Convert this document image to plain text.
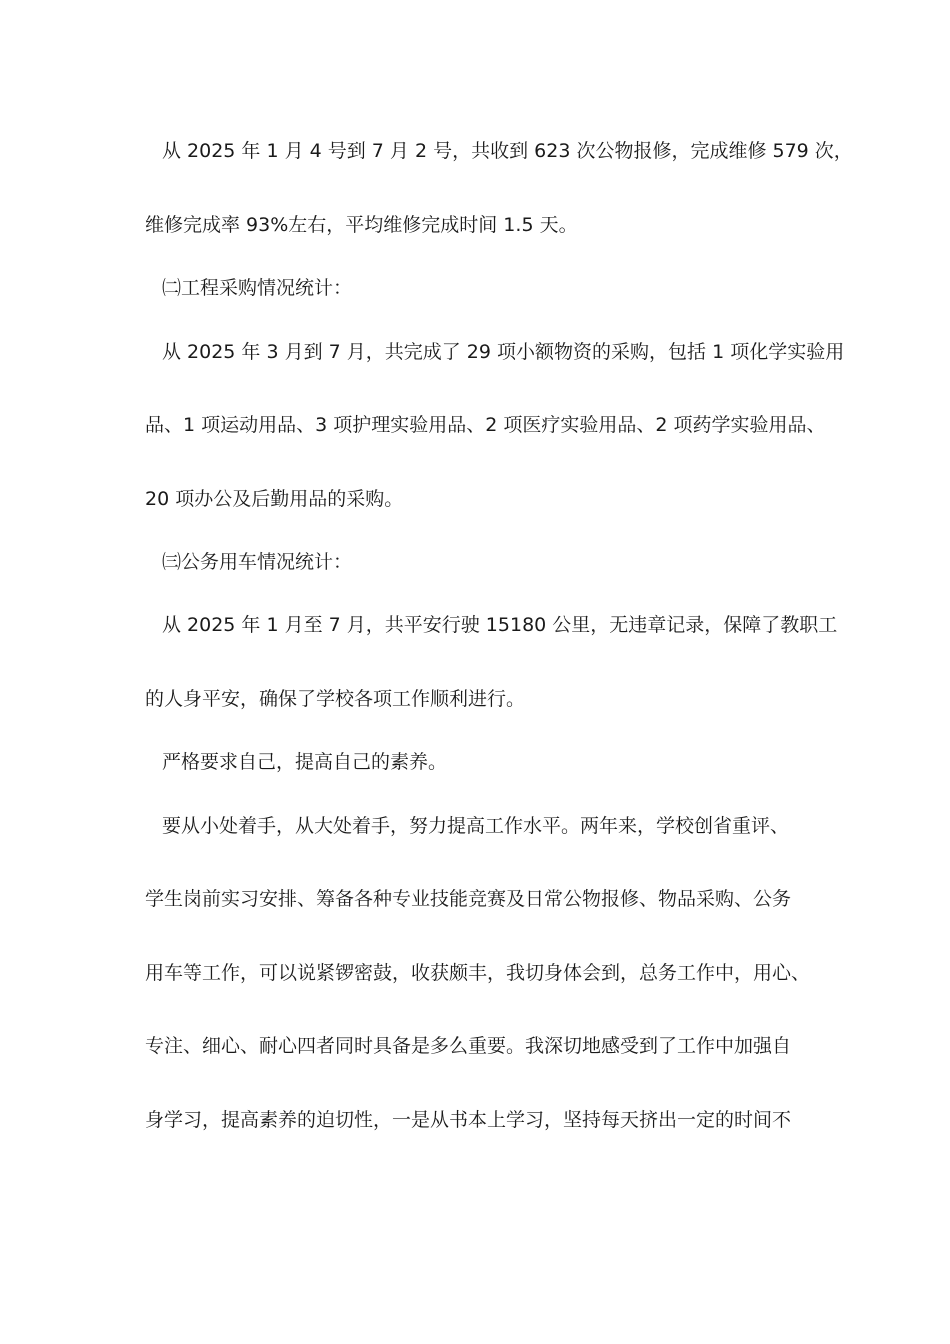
从 2025 年 1 月 4 号到 7 月 2 号，共收到 623 次公物报修，完成维修 579 次，
维修完成率 93%左右，平均维修完成时间 1.5 天。
㈡工程采购情况统计：
从 2025 年 3 月到 7 月，共完成了 29 项小额物资的采购，包括 1 项化学实验用
品、1 项运动用品、3 项护理实验用品、2 项医疗实验用品、2 项药学实验用品、
20 项办公及后勤用品的采购。
㈢公务用车情况统计：
从 2025 年 1 月至 7 月，共平安行驶 15180 公里，无违章记录，保障了教职工
的人身平安，确保了学校各项工作顺利进行。
严格要求自己，提高自己的素养。
要从小处着手，从大处着手，努力提高工作水平。两年来，学校创省重评、
学生岗前实习安排、筹备各种专业技能竞赛及日常公物报修、物品采购、公务
用车等工作，可以说紧锣密鼓，收获颇丰，我切身体会到，总务工作中，用心、
专注、细心、耐心四者同时具备是多么重要。我深切地感受到了工作中加强自
身学习，提高素养的迫切性，一是从书本上学习，坚持每天挤出一定的时间不
